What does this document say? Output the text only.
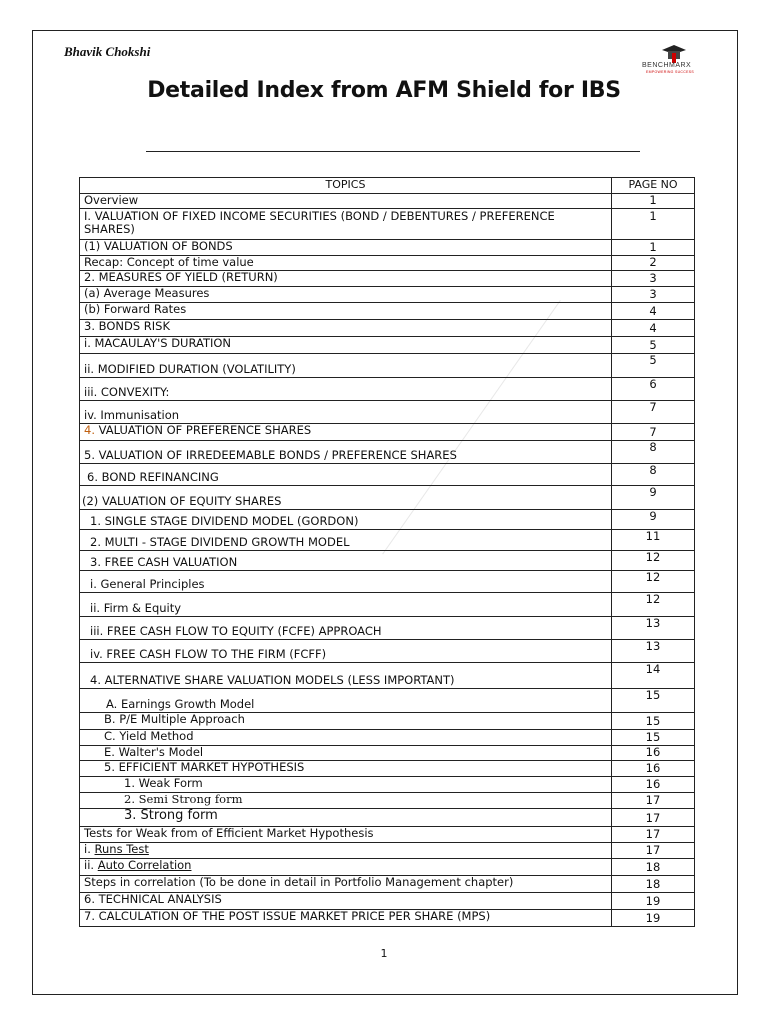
Bhavik Chokshi
BENCHMARX
EMPOWERING SUCCESS
Detailed Index from AFM Shield for IBS
TOPICS	PAGE NO
Overview	1
I. VALUATION OF FIXED INCOME SECURITIES (BOND / DEBENTURES / PREFERENCE SHARES)	1
(1) VALUATION OF BONDS	1
Recap: Concept of time value	2
2. MEASURES OF YIELD (RETURN)	3
(a) Average Measures	3
(b) Forward Rates	4
3. BONDS RISK	4
i. MACAULAY'S DURATION	5
ii. MODIFIED DURATION (VOLATILITY)	5
iii. CONVEXITY:	6
iv. Immunisation	7
4. VALUATION OF PREFERENCE SHARES	7
5. VALUATION OF IRREDEEMABLE BONDS / PREFERENCE SHARES	8
6. BOND REFINANCING	8
(2) VALUATION OF EQUITY SHARES	9
1. SINGLE STAGE DIVIDEND MODEL (GORDON)	9
2. MULTI - STAGE DIVIDEND GROWTH MODEL	11
3. FREE CASH VALUATION	12
i. General Principles	12
ii. Firm & Equity	12
iii. FREE CASH FLOW TO EQUITY (FCFE) APPROACH	13
iv. FREE CASH FLOW TO THE FIRM (FCFF)	13
4. ALTERNATIVE SHARE VALUATION MODELS (LESS IMPORTANT)	14
A. Earnings Growth Model	15
B. P/E Multiple Approach	15
C. Yield Method	15
E. Walter's Model	16
5. EFFICIENT MARKET HYPOTHESIS	16
1. Weak Form	16
2. Semi Strong form	17
3. Strong form	17
Tests for Weak from of Efficient Market Hypothesis	17
i. Runs Test	17
ii. Auto Correlation	18
Steps in correlation (To be done in detail in Portfolio Management chapter)	18
6. TECHNICAL ANALYSIS	19
7. CALCULATION OF THE POST ISSUE MARKET PRICE PER SHARE (MPS)	19
1
